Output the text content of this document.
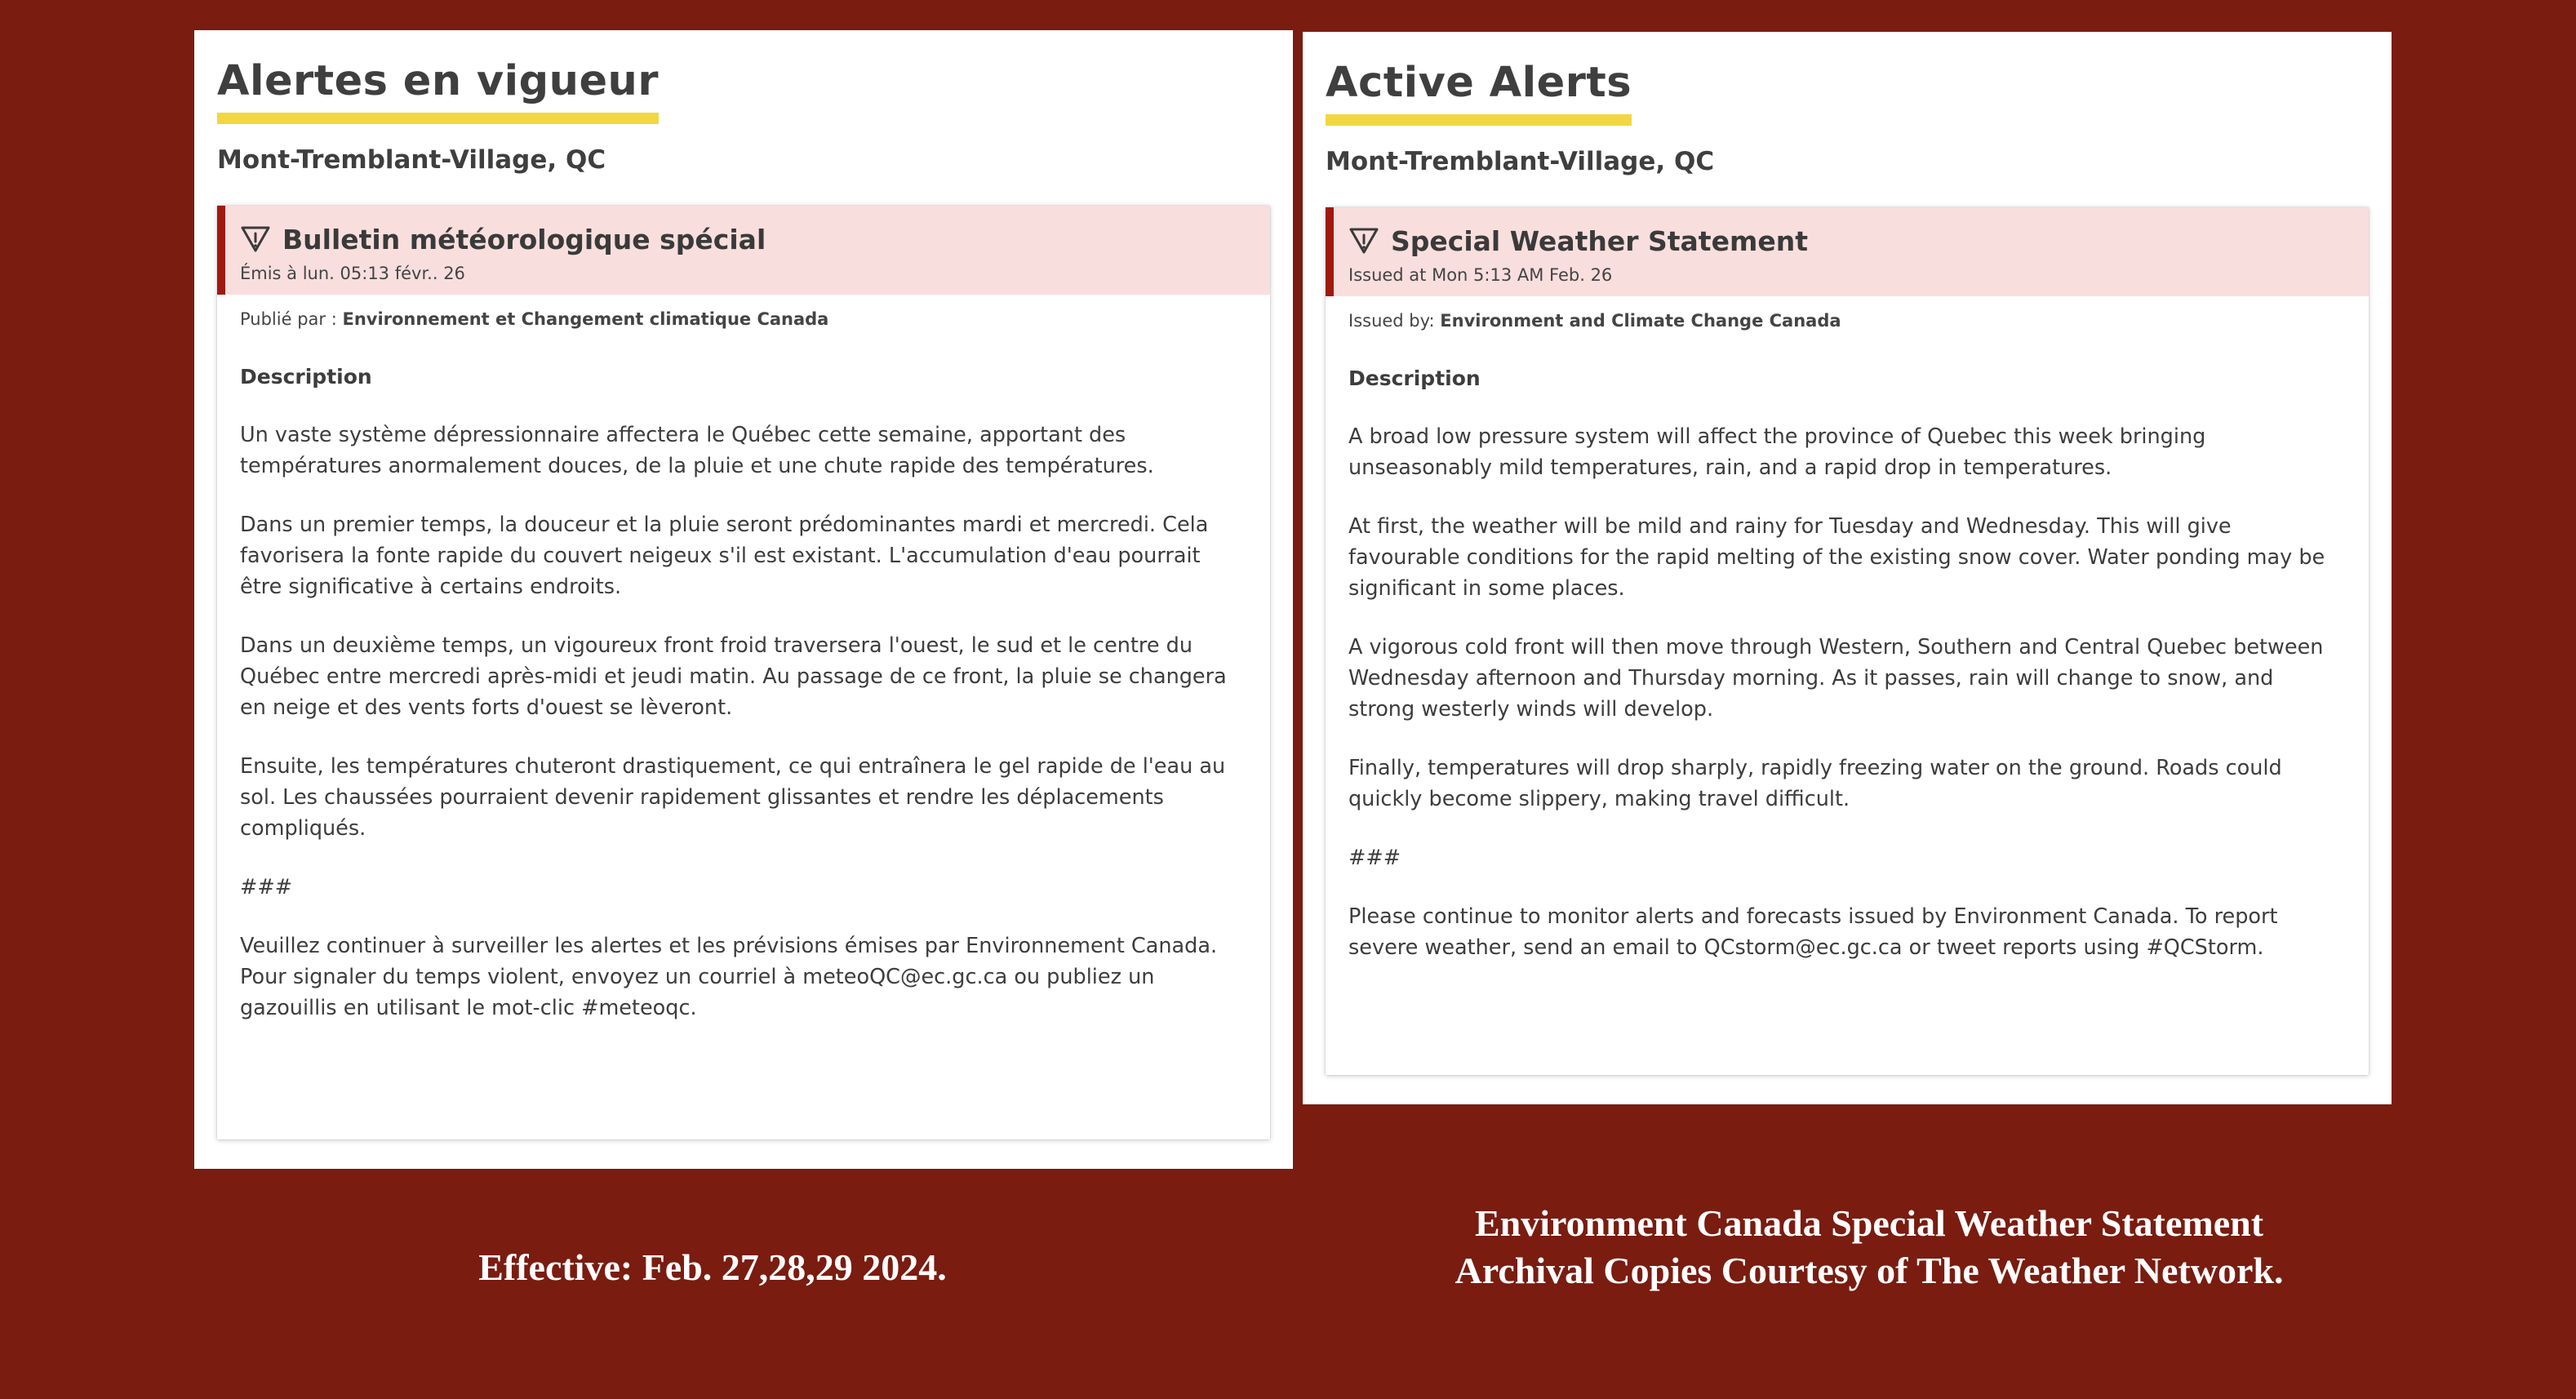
Alertes en vigueur
Mont-Tremblant-Village, QC
Bulletin météorologique spécial
Émis à lun. 05:13 févr.. 26
Publié par : Environnement et Changement climatique Canada
Description

Un vaste système dépressionnaire affectera le Québec cette semaine, apportant des températures anormalement douces, de la pluie et une chute rapide des températures.

Dans un premier temps, la douceur et la pluie seront prédominantes mardi et mercredi. Cela favorisera la fonte rapide du couvert neigeux s'il est existant. L'accumulation d'eau pourrait être significative à certains endroits.

Dans un deuxième temps, un vigoureux front froid traversera l'ouest, le sud et le centre du Québec entre mercredi après-midi et jeudi matin. Au passage de ce front, la pluie se changera en neige et des vents forts d'ouest se lèveront.

Ensuite, les températures chuteront drastiquement, ce qui entraînera le gel rapide de l'eau au sol. Les chaussées pourraient devenir rapidement glissantes et rendre les déplacements compliqués.

###

Veuillez continuer à surveiller les alertes et les prévisions émises par Environnement Canada. Pour signaler du temps violent, envoyez un courriel à meteoQC@ec.gc.ca ou publiez un gazouillis en utilisant le mot-clic #meteoqc.

Active Alerts
Mont-Tremblant-Village, QC
Special Weather Statement
Issued at Mon 5:13 AM Feb. 26
Issued by: Environment and Climate Change Canada
Description

A broad low pressure system will affect the province of Quebec this week bringing unseasonably mild temperatures, rain, and a rapid drop in temperatures.

At first, the weather will be mild and rainy for Tuesday and Wednesday. This will give favourable conditions for the rapid melting of the existing snow cover. Water ponding may be significant in some places.

A vigorous cold front will then move through Western, Southern and Central Quebec between Wednesday afternoon and Thursday morning. As it passes, rain will change to snow, and strong westerly winds will develop.

Finally, temperatures will drop sharply, rapidly freezing water on the ground. Roads could quickly become slippery, making travel difficult.

###

Please continue to monitor alerts and forecasts issued by Environment Canada. To report severe weather, send an email to QCstorm@ec.gc.ca or tweet reports using #QCStorm.

Effective: Feb. 27,28,29 2024.
Environment Canada Special Weather Statement
Archival Copies Courtesy of The Weather Network.
